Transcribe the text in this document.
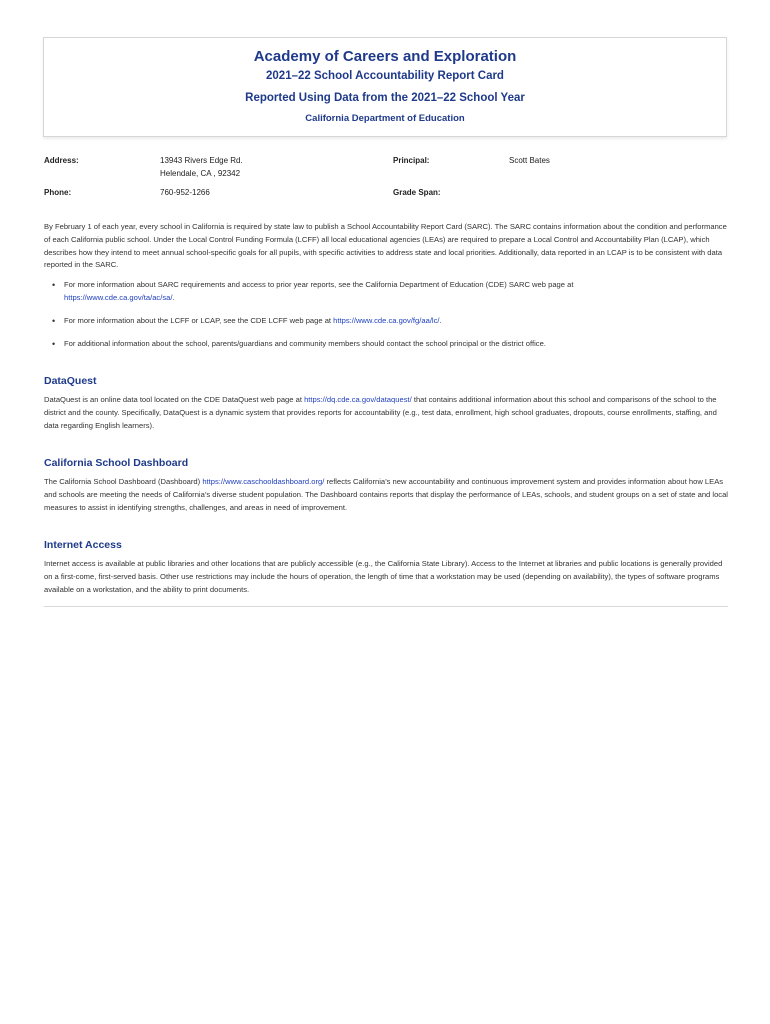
Academy of Careers and Exploration
2021–22 School Accountability Report Card
Reported Using Data from the 2021–22 School Year
California Department of Education
Address:	13943 Rivers Edge Rd.
Helendale, CA , 92342
Principal:	Scott Bates
Phone:	760-952-1266	Grade Span:

By February 1 of each year, every school in California is required by state law to publish a School Accountability Report Card (SARC). The SARC contains information about the condition and performance of each California public school. Under the Local Control Funding Formula (LCFF) all local educational agencies (LEAs) are required to prepare a Local Control and Accountability Plan (LCAP), which describes how they intend to meet annual school-specific goals for all pupils, with specific activities to address state and local priorities. Additionally, data reported in an LCAP is to be consistent with data reported in the SARC.

• For more information about SARC requirements and access to prior year reports, see the California Department of Education (CDE) SARC web page at
https://www.cde.ca.gov/ta/ac/sa/.
• For more information about the LCFF or LCAP, see the CDE LCFF web page at https://www.cde.ca.gov/fg/aa/lc/.
• For additional information about the school, parents/guardians and community members should contact the school principal or the district office.
DataQuest

DataQuest is an online data tool located on the CDE DataQuest web page at https://dq.cde.ca.gov/dataquest/ that contains additional information about this school and comparisons of the school to the district and the county. Specifically, DataQuest is a dynamic system that provides reports for accountability (e.g., test data, enrollment, high school graduates, dropouts, course enrollments, staffing, and data regarding English learners).

California School Dashboard

The California School Dashboard (Dashboard) https://www.caschooldashboard.org/ reflects California’s new accountability and continuous improvement system and provides information about how LEAs and schools are meeting the needs of California’s diverse student population. The Dashboard contains reports that display the performance of LEAs, schools, and student groups on a set of state and local measures to assist in identifying strengths, challenges, and areas in need of improvement.

Internet Access

Internet access is available at public libraries and other locations that are publicly accessible (e.g., the California State Library). Access to the Internet at libraries and public locations is generally provided on a first-come, first-served basis. Other use restrictions may include the hours of operation, the length of time that a workstation may be used (depending on availability), the types of software programs available on a workstation, and the ability to print documents.
